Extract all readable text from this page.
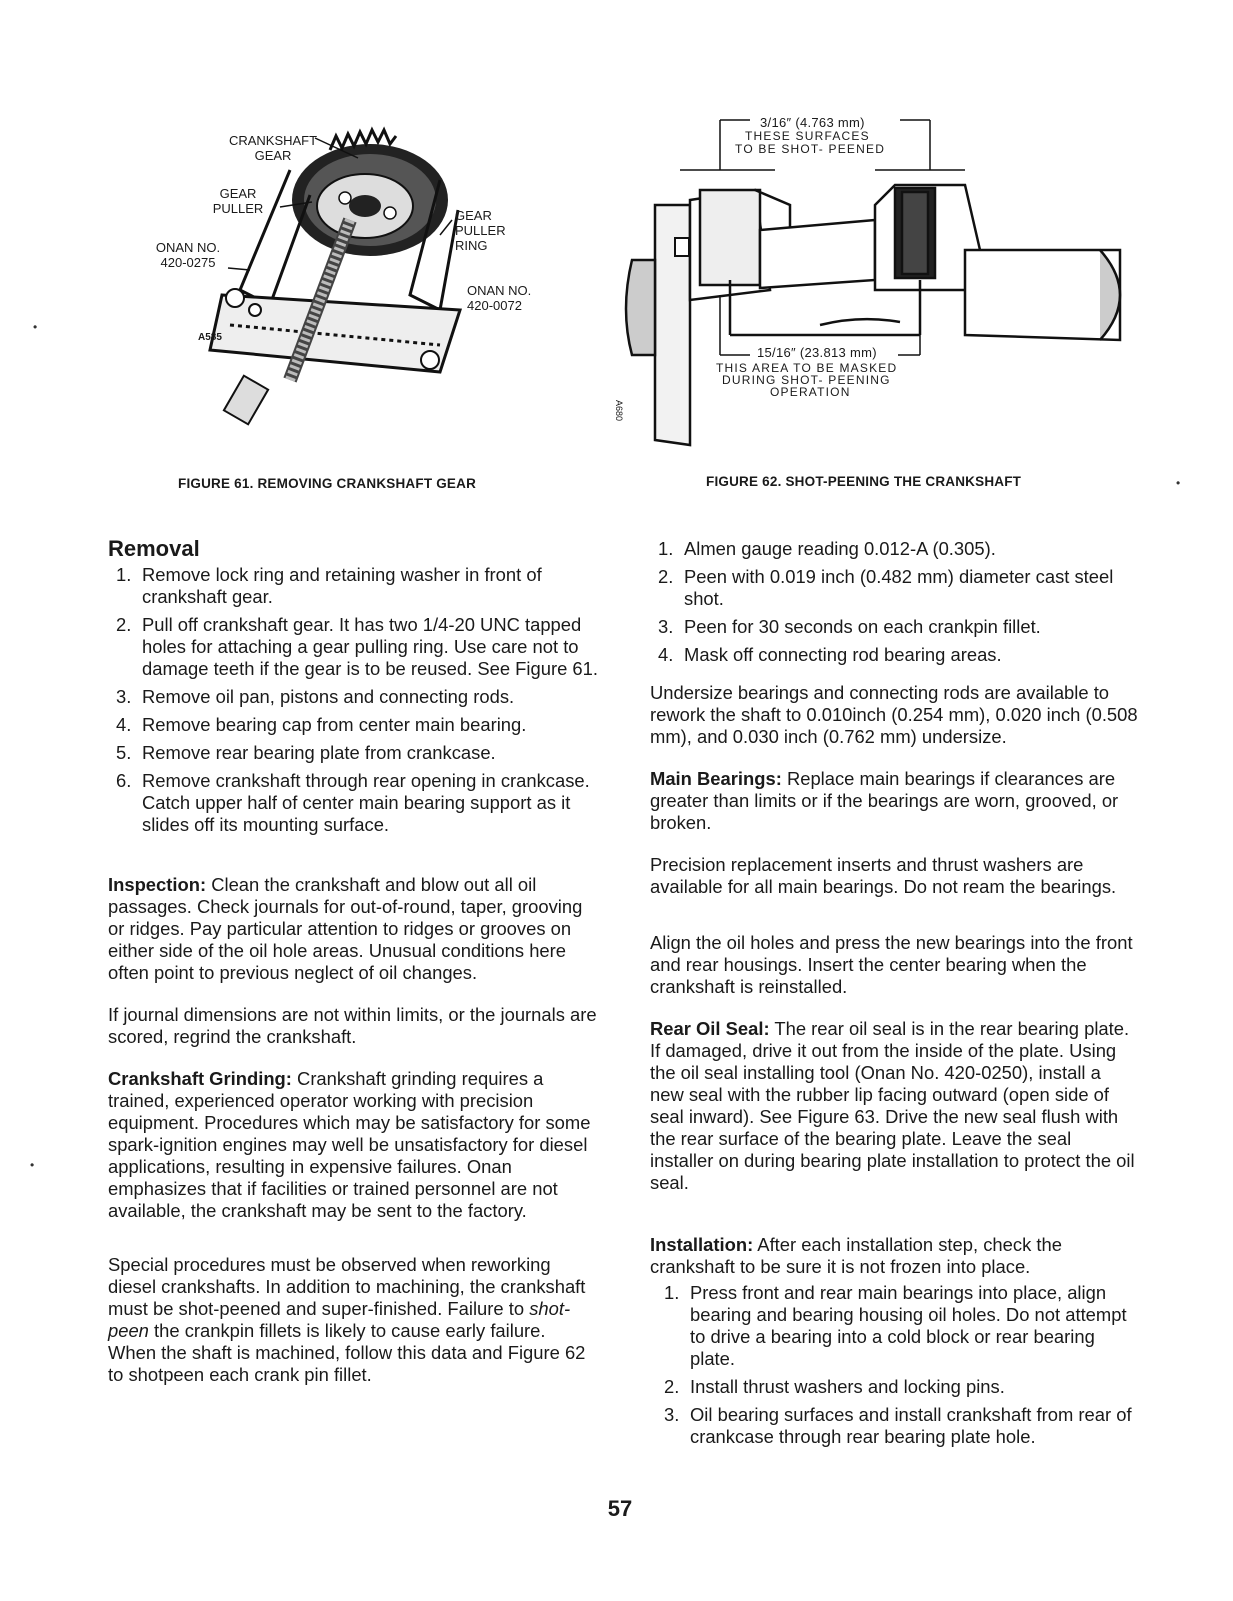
CRANKSHAFT GEAR
GEAR PULLER
ONAN NO. 420-0275
GEAR PULLER RING
ONAN NO. 420-0072
A585
FIGURE 61. REMOVING CRANKSHAFT GEAR
3/16″ (4.763 mm)
THESE SURFACES
TO BE SHOT- PEENED
15/16″ (23.813 mm)
THIS AREA TO BE MASKED
DURING SHOT- PEENING
OPERATION
A680
FIGURE 62. SHOT-PEENING THE CRANKSHAFT
Removal
1. Remove lock ring and retaining washer in front of crankshaft gear.
2. Pull off crankshaft gear. It has two 1/4-20 UNC tapped holes for attaching a gear pulling ring. Use care not to damage teeth if the gear is to be reused. See Figure 61.
3. Remove oil pan, pistons and connecting rods.
4. Remove bearing cap from center main bearing.
5. Remove rear bearing plate from crankcase.
6. Remove crankshaft through rear opening in crankcase. Catch upper half of center main bearing support as it slides off its mounting surface.

Inspection: Clean the crankshaft and blow out all oil passages. Check journals for out-of-round, taper, grooving or ridges. Pay particular attention to ridges or grooves on either side of the oil hole areas. Unusual conditions here often point to previous neglect of oil changes.

If journal dimensions are not within limits, or the journals are scored, regrind the crankshaft.

Crankshaft Grinding: Crankshaft grinding requires a trained, experienced operator working with precision equipment. Procedures which may be satisfactory for some spark-ignition engines may well be unsatisfactory for diesel applications, resulting in expensive failures. Onan emphasizes that if facilities or trained personnel are not available, the crankshaft may be sent to the factory.

Special procedures must be observed when reworking diesel crankshafts. In addition to machining, the crankshaft must be shot-peened and super-finished. Failure to shot-peen the crankpin fillets is likely to cause early failure. When the shaft is machined, follow this data and Figure 62 to shotpeen each crank pin fillet.

1. Almen gauge reading 0.012-A (0.305).
2. Peen with 0.019 inch (0.482 mm) diameter cast steel shot.
3. Peen for 30 seconds on each crankpin fillet.
4. Mask off connecting rod bearing areas.

Undersize bearings and connecting rods are available to rework the shaft to 0.010inch (0.254 mm), 0.020 inch (0.508 mm), and 0.030 inch (0.762 mm) undersize.

Main Bearings: Replace main bearings if clearances are greater than limits or if the bearings are worn, grooved, or broken.

Precision replacement inserts and thrust washers are available for all main bearings. Do not ream the bearings.

Align the oil holes and press the new bearings into the front and rear housings. Insert the center bearing when the crankshaft is reinstalled.

Rear Oil Seal: The rear oil seal is in the rear bearing plate. If damaged, drive it out from the inside of the plate. Using the oil seal installing tool (Onan No. 420-0250), install a new seal with the rubber lip facing outward (open side of seal inward). See Figure 63. Drive the new seal flush with the rear surface of the bearing plate. Leave the seal installer on during bearing plate installation to protect the oil seal.

Installation: After each installation step, check the crankshaft to be sure it is not frozen into place.

1. Press front and rear main bearings into place, align bearing and bearing housing oil holes. Do not attempt to drive a bearing into a cold block or rear bearing plate.
2. Install thrust washers and locking pins.
3. Oil bearing surfaces and install crankshaft from rear of crankcase through rear bearing plate hole.
•
•
•
57
